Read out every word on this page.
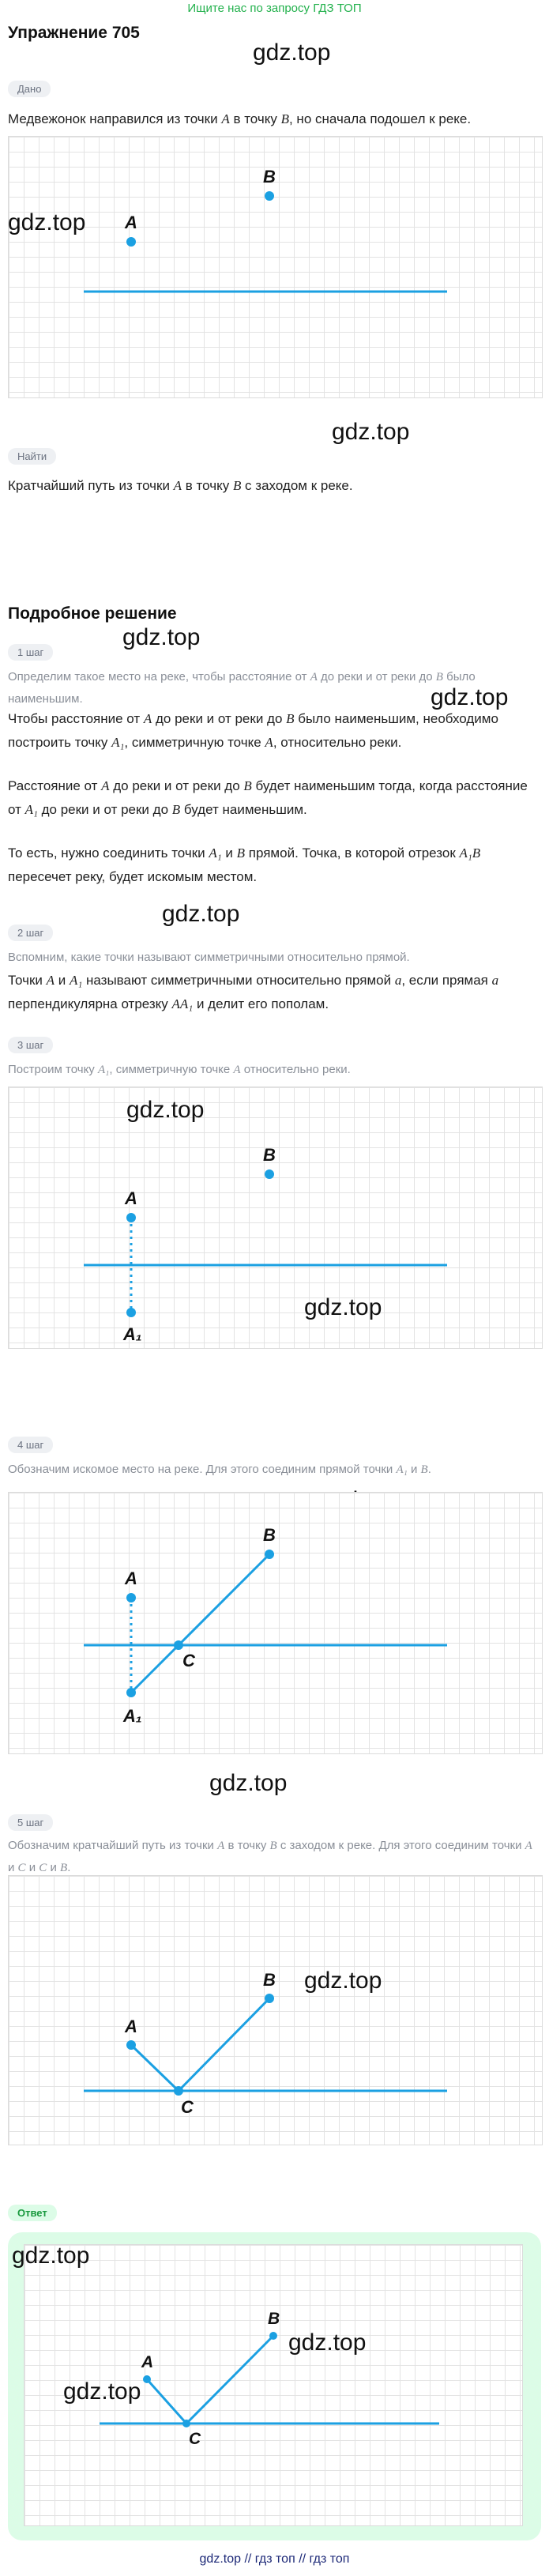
Ищите нас по запросу ГДЗ ТОП
Упражнение 705
gdz.top
Дано
Медвежонок направился из точки A в точку B, но сначала подошел к реке.
A
B
gdz.top
gdz.top
Найти
Кратчайший путь из точки A в точку B с заходом к реке.
Подробное решение
gdz.top
1 шаг
Определим такое место на реке, чтобы расстояние от A до реки и от реки до B было наименьшим.	gdz.top
Чтобы расстояние от A до реки и от реки до B было наименьшим, необходимо построить точку A₁, симметричную точке A, относительно реки.
Расстояние от A до реки и от реки до B будет наименьшим тогда, когда расстояние от A₁ до реки и от реки до B будет наименьшим.
То есть, нужно соединить точки A₁ и B прямой. Точка, в которой отрезок A₁B пересечет реку, будет искомым местом.
gdz.top
2 шаг
Вспомним, какие точки называют симметричными относительно прямой.
Точки A и A₁ называют симметричными относительно прямой a, если прямая a перпендикулярна отрезку AA₁ и делит его пополам.
3 шаг
Построим точку A₁, симметричную точке A относительно реки.
A
B
A₁
gdz.top
gdz.top
4 шаг
Обозначим искомое место на реке. Для этого соединим прямой точки A₁ и B.
A
B
A₁
C
gdz.top
5 шаг
Обозначим кратчайший путь из точки A в точку B с заходом к реке. Для этого соединим точки A и C и C и B.
A
B
C
gdz.top
Ответ
A
B
C
gdz.top
gdz.top
gdz.top
gdz.top // гдз топ // гдз топ
